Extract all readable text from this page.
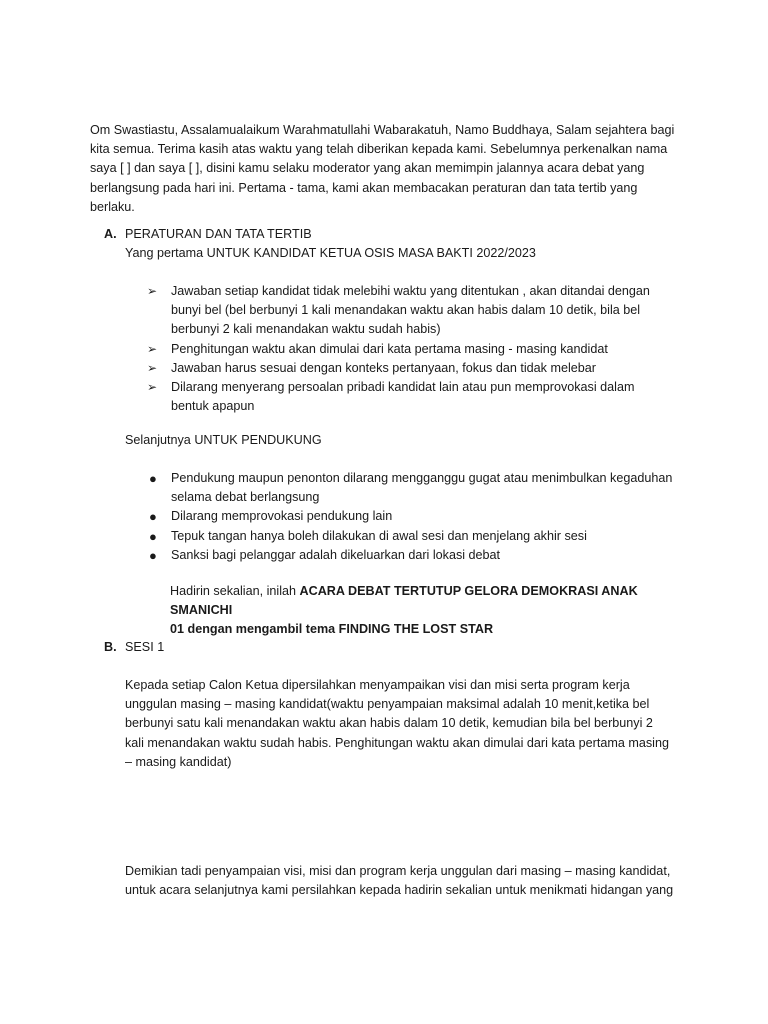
Om Swastiastu, Assalamualaikum Warahmatullahi Wabarakatuh, Namo Buddhaya, Salam sejahtera bagi
kita semua. Terima kasih atas waktu yang telah diberikan kepada kami. Sebelumnya perkenalkan nama
saya [ ] dan saya [ ], disini kamu selaku moderator yang akan memimpin jalannya acara debat yang
berlangsung pada hari ini. Pertama - tama, kami akan membacakan peraturan dan tata tertib yang
berlaku.
A. PERATURAN DAN TATA TERTIB
Yang pertama UNTUK KANDIDAT KETUA OSIS MASA BAKTI 2022/2023
➢ Jawaban setiap kandidat tidak melebihi waktu yang ditentukan , akan ditandai dengan
bunyi bel (bel berbunyi 1 kali menandakan waktu akan habis dalam 10 detik, bila bel
berbunyi 2 kali menandakan waktu sudah habis)
➢ Penghitungan waktu akan dimulai dari kata pertama masing - masing kandidat
➢ Jawaban harus sesuai dengan konteks pertanyaan, fokus dan tidak melebar
➢ Dilarang menyerang persoalan pribadi kandidat lain atau pun memprovokasi dalam
bentuk apapun
Selanjutnya UNTUK PENDUKUNG
● Pendukung maupun penonton dilarang mengganggu gugat atau menimbulkan kegaduhan
selama debat berlangsung
● Dilarang memprovokasi pendukung lain
● Tepuk tangan hanya boleh dilakukan di awal sesi dan menjelang akhir sesi
● Sanksi bagi pelanggar adalah dikeluarkan dari lokasi debat
Hadirin sekalian, inilah ACARA DEBAT TERTUTUP GELORA DEMOKRASI ANAK SMANICHI
01 dengan mengambil tema FINDING THE LOST STAR
B. SESI 1
Kepada setiap Calon Ketua dipersilahkan menyampaikan visi dan misi serta program kerja
unggulan masing – masing kandidat(waktu penyampaian maksimal adalah 10 menit,ketika bel
berbunyi satu kali menandakan waktu akan habis dalam 10 detik, kemudian bila bel berbunyi 2
kali menandakan waktu sudah habis. Penghitungan waktu akan dimulai dari kata pertama masing
– masing kandidat)
Demikian tadi penyampaian visi, misi dan program kerja unggulan dari masing – masing kandidat,
untuk acara selanjutnya kami persilahkan kepada hadirin sekalian untuk menikmati hidangan yang
